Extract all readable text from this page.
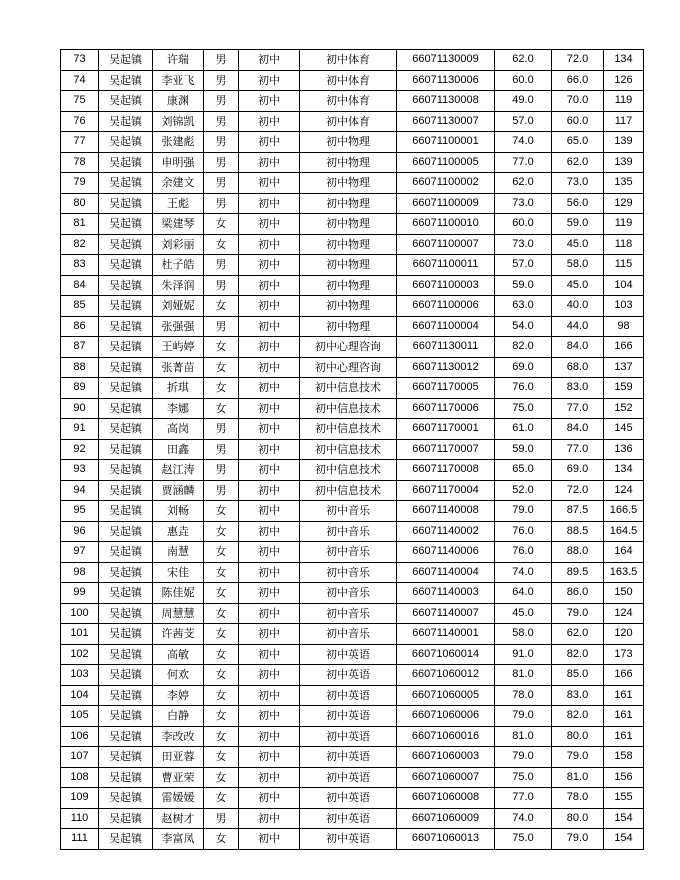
73	吴起镇	许瑞	男	初中	初中体育	66071130009	62.0	72.0	134
74	吴起镇	李亚飞	男	初中	初中体育	66071130006	60.0	66.0	126
75	吴起镇	康渊	男	初中	初中体育	66071130008	49.0	70.0	119
76	吴起镇	刘锦凯	男	初中	初中体育	66071130007	57.0	60.0	117
77	吴起镇	张建彪	男	初中	初中物理	66071100001	74.0	65.0	139
78	吴起镇	申明强	男	初中	初中物理	66071100005	77.0	62.0	139
79	吴起镇	余建文	男	初中	初中物理	66071100002	62.0	73.0	135
80	吴起镇	王彪	男	初中	初中物理	66071100009	73.0	56.0	129
81	吴起镇	梁建琴	女	初中	初中物理	66071100010	60.0	59.0	119
82	吴起镇	刘彩丽	女	初中	初中物理	66071100007	73.0	45.0	118
83	吴起镇	杜子皓	男	初中	初中物理	66071100011	57.0	58.0	115
84	吴起镇	朱泽润	男	初中	初中物理	66071100003	59.0	45.0	104
85	吴起镇	刘娅妮	女	初中	初中物理	66071100006	63.0	40.0	103
86	吴起镇	张强强	男	初中	初中物理	66071100004	54.0	44.0	98
87	吴起镇	王屿婷	女	初中	初中心理咨询	66071130011	82.0	84.0	166
88	吴起镇	张菁苗	女	初中	初中心理咨询	66071130012	69.0	68.0	137
89	吴起镇	折琪	女	初中	初中信息技术	66071170005	76.0	83.0	159
90	吴起镇	李娜	女	初中	初中信息技术	66071170006	75.0	77.0	152
91	吴起镇	高岗	男	初中	初中信息技术	66071170001	61.0	84.0	145
92	吴起镇	田鑫	男	初中	初中信息技术	66071170007	59.0	77.0	136
93	吴起镇	赵江涛	男	初中	初中信息技术	66071170008	65.0	69.0	134
94	吴起镇	贾涵麟	男	初中	初中信息技术	66071170004	52.0	72.0	124
95	吴起镇	刘畅	女	初中	初中音乐	66071140008	79.0	87.5	166.5
96	吴起镇	惠垚	女	初中	初中音乐	66071140002	76.0	88.5	164.5
97	吴起镇	南慧	女	初中	初中音乐	66071140006	76.0	88.0	164
98	吴起镇	宋佳	女	初中	初中音乐	66071140004	74.0	89.5	163.5
99	吴起镇	陈佳妮	女	初中	初中音乐	66071140003	64.0	86.0	150
100	吴起镇	周慧慧	女	初中	初中音乐	66071140007	45.0	79.0	124
101	吴起镇	许茜芠	女	初中	初中音乐	66071140001	58.0	62.0	120
102	吴起镇	高敏	女	初中	初中英语	66071060014	91.0	82.0	173
103	吴起镇	何欢	女	初中	初中英语	66071060012	81.0	85.0	166
104	吴起镇	李婷	女	初中	初中英语	66071060005	78.0	83.0	161
105	吴起镇	白静	女	初中	初中英语	66071060006	79.0	82.0	161
106	吴起镇	李改改	女	初中	初中英语	66071060016	81.0	80.0	161
107	吴起镇	田亚蓉	女	初中	初中英语	66071060003	79.0	79.0	158
108	吴起镇	曹亚荣	女	初中	初中英语	66071060007	75.0	81.0	156
109	吴起镇	雷媛媛	女	初中	初中英语	66071060008	77.0	78.0	155
110	吴起镇	赵树才	男	初中	初中英语	66071060009	74.0	80.0	154
111	吴起镇	李富凤	女	初中	初中英语	66071060013	75.0	79.0	154
